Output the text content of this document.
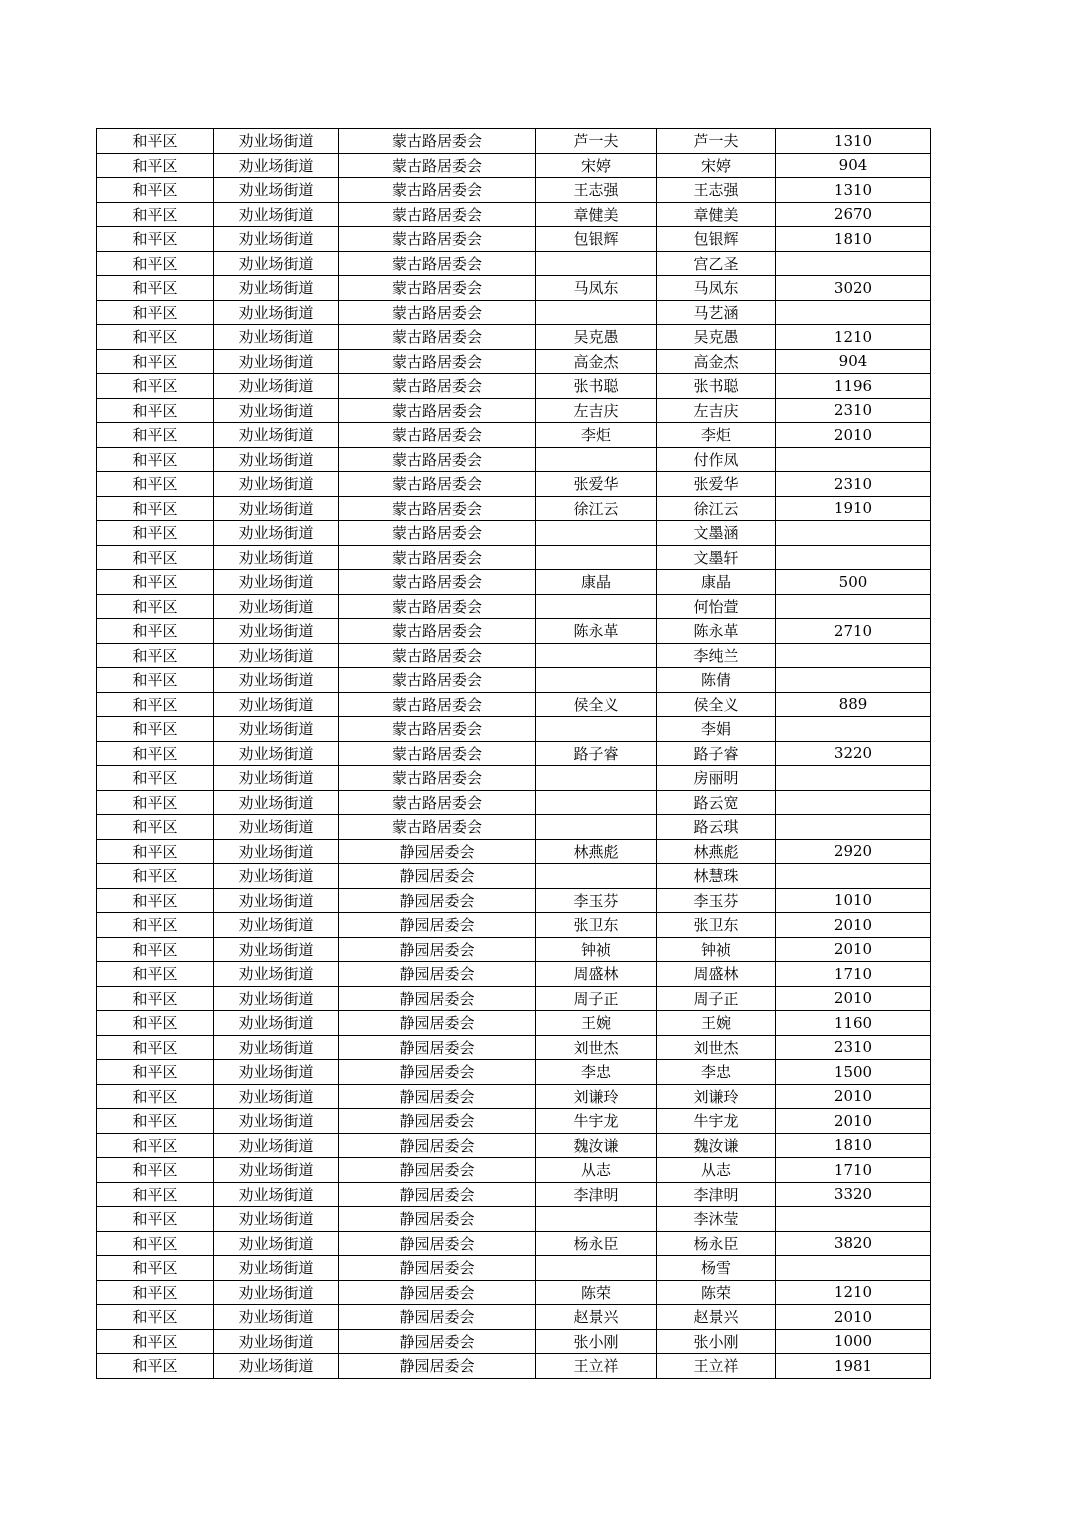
和平区	劝业场街道	蒙古路居委会	芦一夫	芦一夫	1310
和平区	劝业场街道	蒙古路居委会	宋婷	宋婷	904
和平区	劝业场街道	蒙古路居委会	王志强	王志强	1310
和平区	劝业场街道	蒙古路居委会	章健美	章健美	2670
和平区	劝业场街道	蒙古路居委会	包银辉	包银辉	1810
和平区	劝业场街道	蒙古路居委会		宫乙圣	
和平区	劝业场街道	蒙古路居委会	马凤东	马凤东	3020
和平区	劝业场街道	蒙古路居委会		马艺涵	
和平区	劝业场街道	蒙古路居委会	吴克愚	吴克愚	1210
和平区	劝业场街道	蒙古路居委会	高金杰	高金杰	904
和平区	劝业场街道	蒙古路居委会	张书聪	张书聪	1196
和平区	劝业场街道	蒙古路居委会	左吉庆	左吉庆	2310
和平区	劝业场街道	蒙古路居委会	李炬	李炬	2010
和平区	劝业场街道	蒙古路居委会		付作凤	
和平区	劝业场街道	蒙古路居委会	张爱华	张爱华	2310
和平区	劝业场街道	蒙古路居委会	徐江云	徐江云	1910
和平区	劝业场街道	蒙古路居委会		文墨涵	
和平区	劝业场街道	蒙古路居委会		文墨轩	
和平区	劝业场街道	蒙古路居委会	康晶	康晶	500
和平区	劝业场街道	蒙古路居委会		何怡萱	
和平区	劝业场街道	蒙古路居委会	陈永革	陈永革	2710
和平区	劝业场街道	蒙古路居委会		李纯兰	
和平区	劝业场街道	蒙古路居委会		陈倩	
和平区	劝业场街道	蒙古路居委会	侯全义	侯全义	889
和平区	劝业场街道	蒙古路居委会		李娟	
和平区	劝业场街道	蒙古路居委会	路子睿	路子睿	3220
和平区	劝业场街道	蒙古路居委会		房丽明	
和平区	劝业场街道	蒙古路居委会		路云宽	
和平区	劝业场街道	蒙古路居委会		路云琪	
和平区	劝业场街道	静园居委会	林燕彪	林燕彪	2920
和平区	劝业场街道	静园居委会		林慧珠	
和平区	劝业场街道	静园居委会	李玉芬	李玉芬	1010
和平区	劝业场街道	静园居委会	张卫东	张卫东	2010
和平区	劝业场街道	静园居委会	钟祯	钟祯	2010
和平区	劝业场街道	静园居委会	周盛林	周盛林	1710
和平区	劝业场街道	静园居委会	周子正	周子正	2010
和平区	劝业场街道	静园居委会	王婉	王婉	1160
和平区	劝业场街道	静园居委会	刘世杰	刘世杰	2310
和平区	劝业场街道	静园居委会	李忠	李忠	1500
和平区	劝业场街道	静园居委会	刘谦玲	刘谦玲	2010
和平区	劝业场街道	静园居委会	牛宇龙	牛宇龙	2010
和平区	劝业场街道	静园居委会	魏汝谦	魏汝谦	1810
和平区	劝业场街道	静园居委会	从志	从志	1710
和平区	劝业场街道	静园居委会	李津明	李津明	3320
和平区	劝业场街道	静园居委会		李沐莹	
和平区	劝业场街道	静园居委会	杨永臣	杨永臣	3820
和平区	劝业场街道	静园居委会		杨雪	
和平区	劝业场街道	静园居委会	陈荣	陈荣	1210
和平区	劝业场街道	静园居委会	赵景兴	赵景兴	2010
和平区	劝业场街道	静园居委会	张小刚	张小刚	1000
和平区	劝业场街道	静园居委会	王立祥	王立祥	1981
